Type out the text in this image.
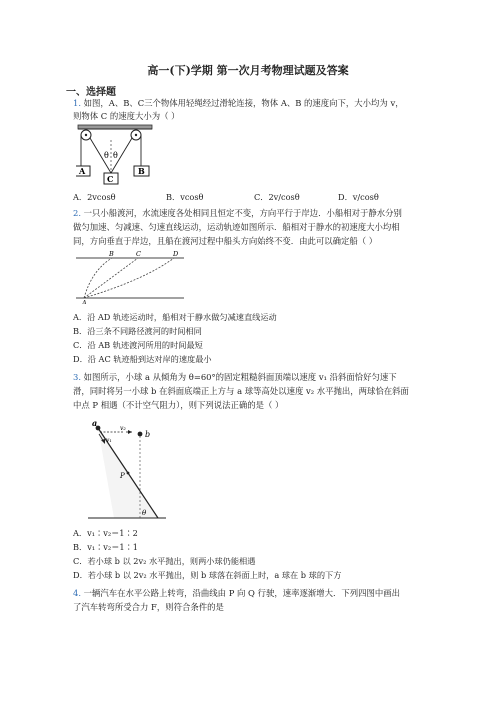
高一(下)学期 第一次月考物理试题及答案
一、选择题
1. 如图，A、B、C三个物体用轻绳经过滑轮连接，物体 A、B 的速度向下，大小均为 v，
则物体 C 的速度大小为（ ）
θ θ
A	B
C
A．2vcosθ	B．vcosθ	C．2v/cosθ	D．v/cosθ
2. 一只小船渡河，水流速度各处相同且恒定不变，方向平行于岸边．小船相对于静水分别
做匀加速、匀减速、匀速直线运动，运动轨迹如图所示．船相对于静水的初速度大小均相
同，方向垂直于岸边，且船在渡河过程中船头方向始终不变．由此可以确定船（ ）
B	C	D
A
A．沿 AD 轨迹运动时，船相对于静水做匀减速直线运动
B．沿三条不同路径渡河的时间相同
C．沿 AB 轨迹渡河所用的时间最短
D．沿 AC 轨迹船到达对岸的速度最小
3. 如图所示，小球 a 从倾角为 θ=60°的固定粗糙斜面顶端以速度 v₁ 沿斜面恰好匀速下
滑，同时将另一小球 b 在斜面底端正上方与 a 球等高处以速度 v₂ 水平抛出，两球恰在斜面
中点 P 相遇（不计空气阻力），则下列说法正确的是（ ）
a
b
v₂
v₁
P
θ
A．v₁∶v₂＝1∶2
B．v₁∶v₂＝1∶1
C．若小球 b 以 2v₂ 水平抛出，则两小球仍能相遇
D．若小球 b 以 2v₂ 水平抛出，则 b 球落在斜面上时，a 球在 b 球的下方
4. 一辆汽车在水平公路上转弯，沿曲线由 P 向 Q 行驶，速率逐渐增大．下列四图中画出
了汽车转弯所受合力 F，则符合条件的是
